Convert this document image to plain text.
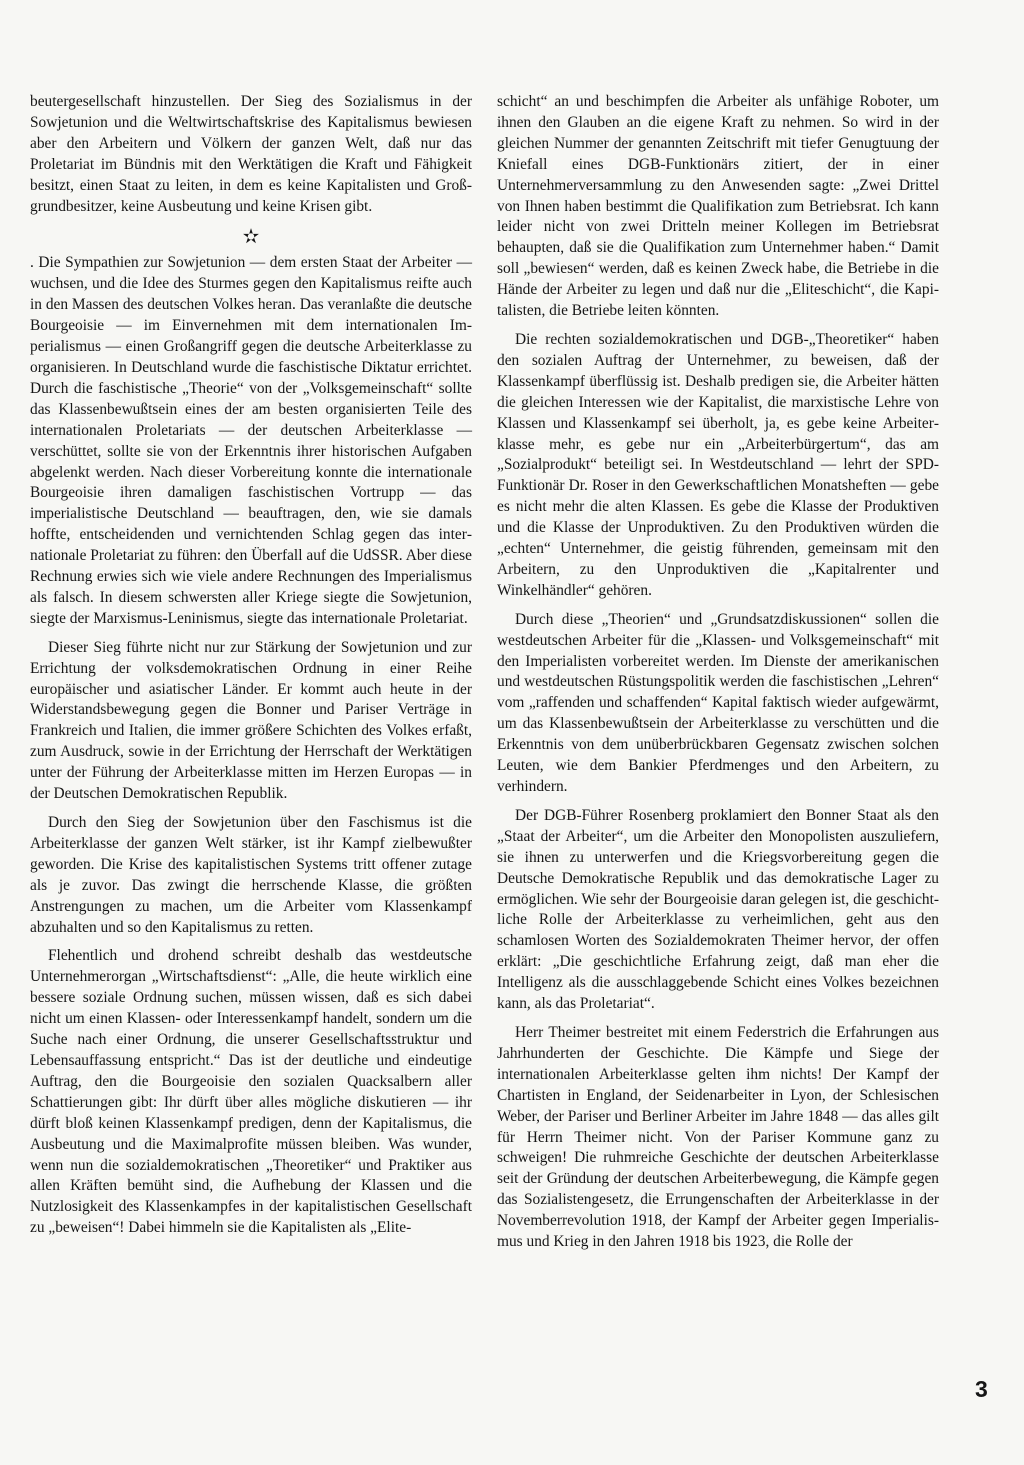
beutergesellschaft hinzustellen. Der Sieg des Sozialismus in der Sowjetunion und die Weltwirtschaftskrise des Kapitalismus bewiesen aber den Arbeitern und Völkern der ganzen Welt, daß nur das Proletariat im Bündnis mit den Werktätigen die Kraft und Fähigkeit besitzt, einen Staat zu leiten, in dem es keine Kapitalisten und Großgrundbesitzer, keine Ausbeutung und keine Krisen gibt.

✫

. Die Sympathien zur Sowjetunion — dem ersten Staat der Arbeiter — wuchsen, und die Idee des Sturmes gegen den Kapitalismus reifte auch in den Massen des deutschen Volkes heran. Das veranlaßte die deutsche Bourgeoisie — im Einvernehmen mit dem internationalen Imperialismus — einen Großangriff gegen die deutsche Arbeiterklasse zu organisieren. In Deutschland wurde die faschistische Diktatur errichtet. Durch die faschistische „Theorie“ von der „Volksgemeinschaft“ sollte das Klassenbewußtsein eines der am besten organisierten Teile des internationalen Proletariats — der deutschen Arbeiterklasse — verschüttet, sollte sie von der Erkenntnis ihrer historischen Aufgaben abgelenkt werden. Nach dieser Vorbereitung konnte die internationale Bourgeoisie ihren damaligen faschistischen Vortrupp — das imperialistische Deutschland — beauftragen, den, wie sie damals hoffte, entscheidenden und vernichtenden Schlag gegen das internationale Proletariat zu führen: den Überfall auf die UdSSR. Aber diese Rechnung erwies sich wie viele andere Rechnungen des Imperialismus als falsch. In diesem schwersten aller Kriege siegte die Sowjetunion, siegte der Marxismus-Leninismus, siegte das internationale Proletariat.

Dieser Sieg führte nicht nur zur Stärkung der Sowjetunion und zur Errichtung der volksdemokratischen Ordnung in einer Reihe europäischer und asiatischer Länder. Er kommt auch heute in der Widerstandsbewegung gegen die Bonner und Pariser Verträge in Frankreich und Italien, die immer größere Schichten des Volkes erfaßt, zum Ausdruck, sowie in der Errichtung der Herrschaft der Werktätigen unter der Führung der Arbeiterklasse mitten im Herzen Europas — in der Deutschen Demokratischen Republik.

Durch den Sieg der Sowjetunion über den Faschismus ist die Arbeiterklasse der ganzen Welt stärker, ist ihr Kampf zielbewußter geworden. Die Krise des kapitalistischen Systems tritt offener zutage als je zuvor. Das zwingt die herrschende Klasse, die größten Anstrengungen zu machen, um die Arbeiter vom Klassenkampf abzuhalten und so den Kapitalismus zu retten.

Flehentlich und drohend schreibt deshalb das westdeutsche Unternehmerorgan „Wirtschaftsdienst“: „Alle, die heute wirklich eine bessere soziale Ordnung suchen, müssen wissen, daß es sich dabei nicht um einen Klassen- oder Interessenkampf handelt, sondern um die Suche nach einer Ordnung, die unserer Gesellschaftsstruktur und Lebensauffassung entspricht.“ Das ist der deutliche und eindeutige Auftrag, den die Bourgeoisie den sozialen Quacksalbern aller Schattierungen gibt: Ihr dürft über alles mögliche diskutieren — ihr dürft bloß keinen Klassenkampf predigen, denn der Kapitalismus, die Ausbeutung und die Maximalprofite müssen bleiben. Was wunder, wenn nun die sozialdemokratischen „Theoretiker“ und Praktiker aus allen Kräften bemüht sind, die Aufhebung der Klassen und die Nutzlosigkeit des Klassenkampfes in der kapitalistischen Gesellschaft zu „beweisen“! Dabei himmeln sie die Kapitalisten als „Elite-

schicht“ an und beschimpfen die Arbeiter als unfähige Roboter, um ihnen den Glauben an die eigene Kraft zu nehmen. So wird in der gleichen Nummer der genannten Zeitschrift mit tiefer Genugtuung der Kniefall eines DGB-Funktionärs zitiert, der in einer Unternehmerversammlung zu den Anwesenden sagte: „Zwei Drittel von Ihnen haben bestimmt die Qualifikation zum Betriebsrat. Ich kann leider nicht von zwei Dritteln meiner Kollegen im Betriebsrat behaupten, daß sie die Qualifikation zum Unternehmer haben.“ Damit soll „bewiesen“ werden, daß es keinen Zweck habe, die Betriebe in die Hände der Arbeiter zu legen und daß nur die „Eliteschicht“, die Kapitalisten, die Betriebe leiten könnten.

Die rechten sozialdemokratischen und DGB-„Theoretiker“ haben den sozialen Auftrag der Unternehmer, zu beweisen, daß der Klassenkampf überflüssig ist. Deshalb predigen sie, die Arbeiter hätten die gleichen Interessen wie der Kapitalist, die marxistische Lehre von Klassen und Klassenkampf sei überholt, ja, es gebe keine Arbeiterklasse mehr, es gebe nur ein „Arbeiterbürgertum“, das am „Sozialprodukt“ beteiligt sei. In Westdeutschland — lehrt der SPD-Funktionär Dr. Roser in den Gewerkschaftlichen Monatsheften — gebe es nicht mehr die alten Klassen. Es gebe die Klasse der Produktiven und die Klasse der Unproduktiven. Zu den Produktiven würden die „echten“ Unternehmer, die geistig führenden, gemeinsam mit den Arbeitern, zu den Unproduktiven die „Kapitalrenter und Winkelhändler“ gehören.

Durch diese „Theorien“ und „Grundsatzdiskussionen“ sollen die westdeutschen Arbeiter für die „Klassen- und Volksgemeinschaft“ mit den Imperialisten vorbereitet werden. Im Dienste der amerikanischen und westdeutschen Rüstungspolitik werden die faschistischen „Lehren“ vom „raffenden und schaffenden“ Kapital faktisch wieder aufgewärmt, um das Klassenbewußtsein der Arbeiterklasse zu verschütten und die Erkenntnis von dem unüberbrückbaren Gegensatz zwischen solchen Leuten, wie dem Bankier Pferdmenges und den Arbeitern, zu verhindern.

Der DGB-Führer Rosenberg proklamiert den Bonner Staat als den „Staat der Arbeiter“, um die Arbeiter den Monopolisten auszuliefern, sie ihnen zu unterwerfen und die Kriegsvorbereitung gegen die Deutsche Demokratische Republik und das demokratische Lager zu ermöglichen. Wie sehr der Bourgeoisie daran gelegen ist, die geschichtliche Rolle der Arbeiterklasse zu verheimlichen, geht aus den schamlosen Worten des Sozialdemokraten Theimer hervor, der offen erklärt: „Die geschichtliche Erfahrung zeigt, daß man eher die Intelligenz als die ausschlaggebende Schicht eines Volkes bezeichnen kann, als das Proletariat“.

Herr Theimer bestreitet mit einem Federstrich die Erfahrungen aus Jahrhunderten der Geschichte. Die Kämpfe und Siege der internationalen Arbeiterklasse gelten ihm nichts! Der Kampf der Chartisten in England, der Seidenarbeiter in Lyon, der Schlesischen Weber, der Pariser und Berliner Arbeiter im Jahre 1848 — das alles gilt für Herrn Theimer nicht. Von der Pariser Kommune ganz zu schweigen! Die ruhmreiche Geschichte der deutschen Arbeiterklasse seit der Gründung der deutschen Arbeiterbewegung, die Kämpfe gegen das Sozialistengesetz, die Errungenschaften der Arbeiterklasse in der Novemberrevolution 1918, der Kampf der Arbeiter gegen Imperialismus und Krieg in den Jahren 1918 bis 1923, die Rolle der

3
